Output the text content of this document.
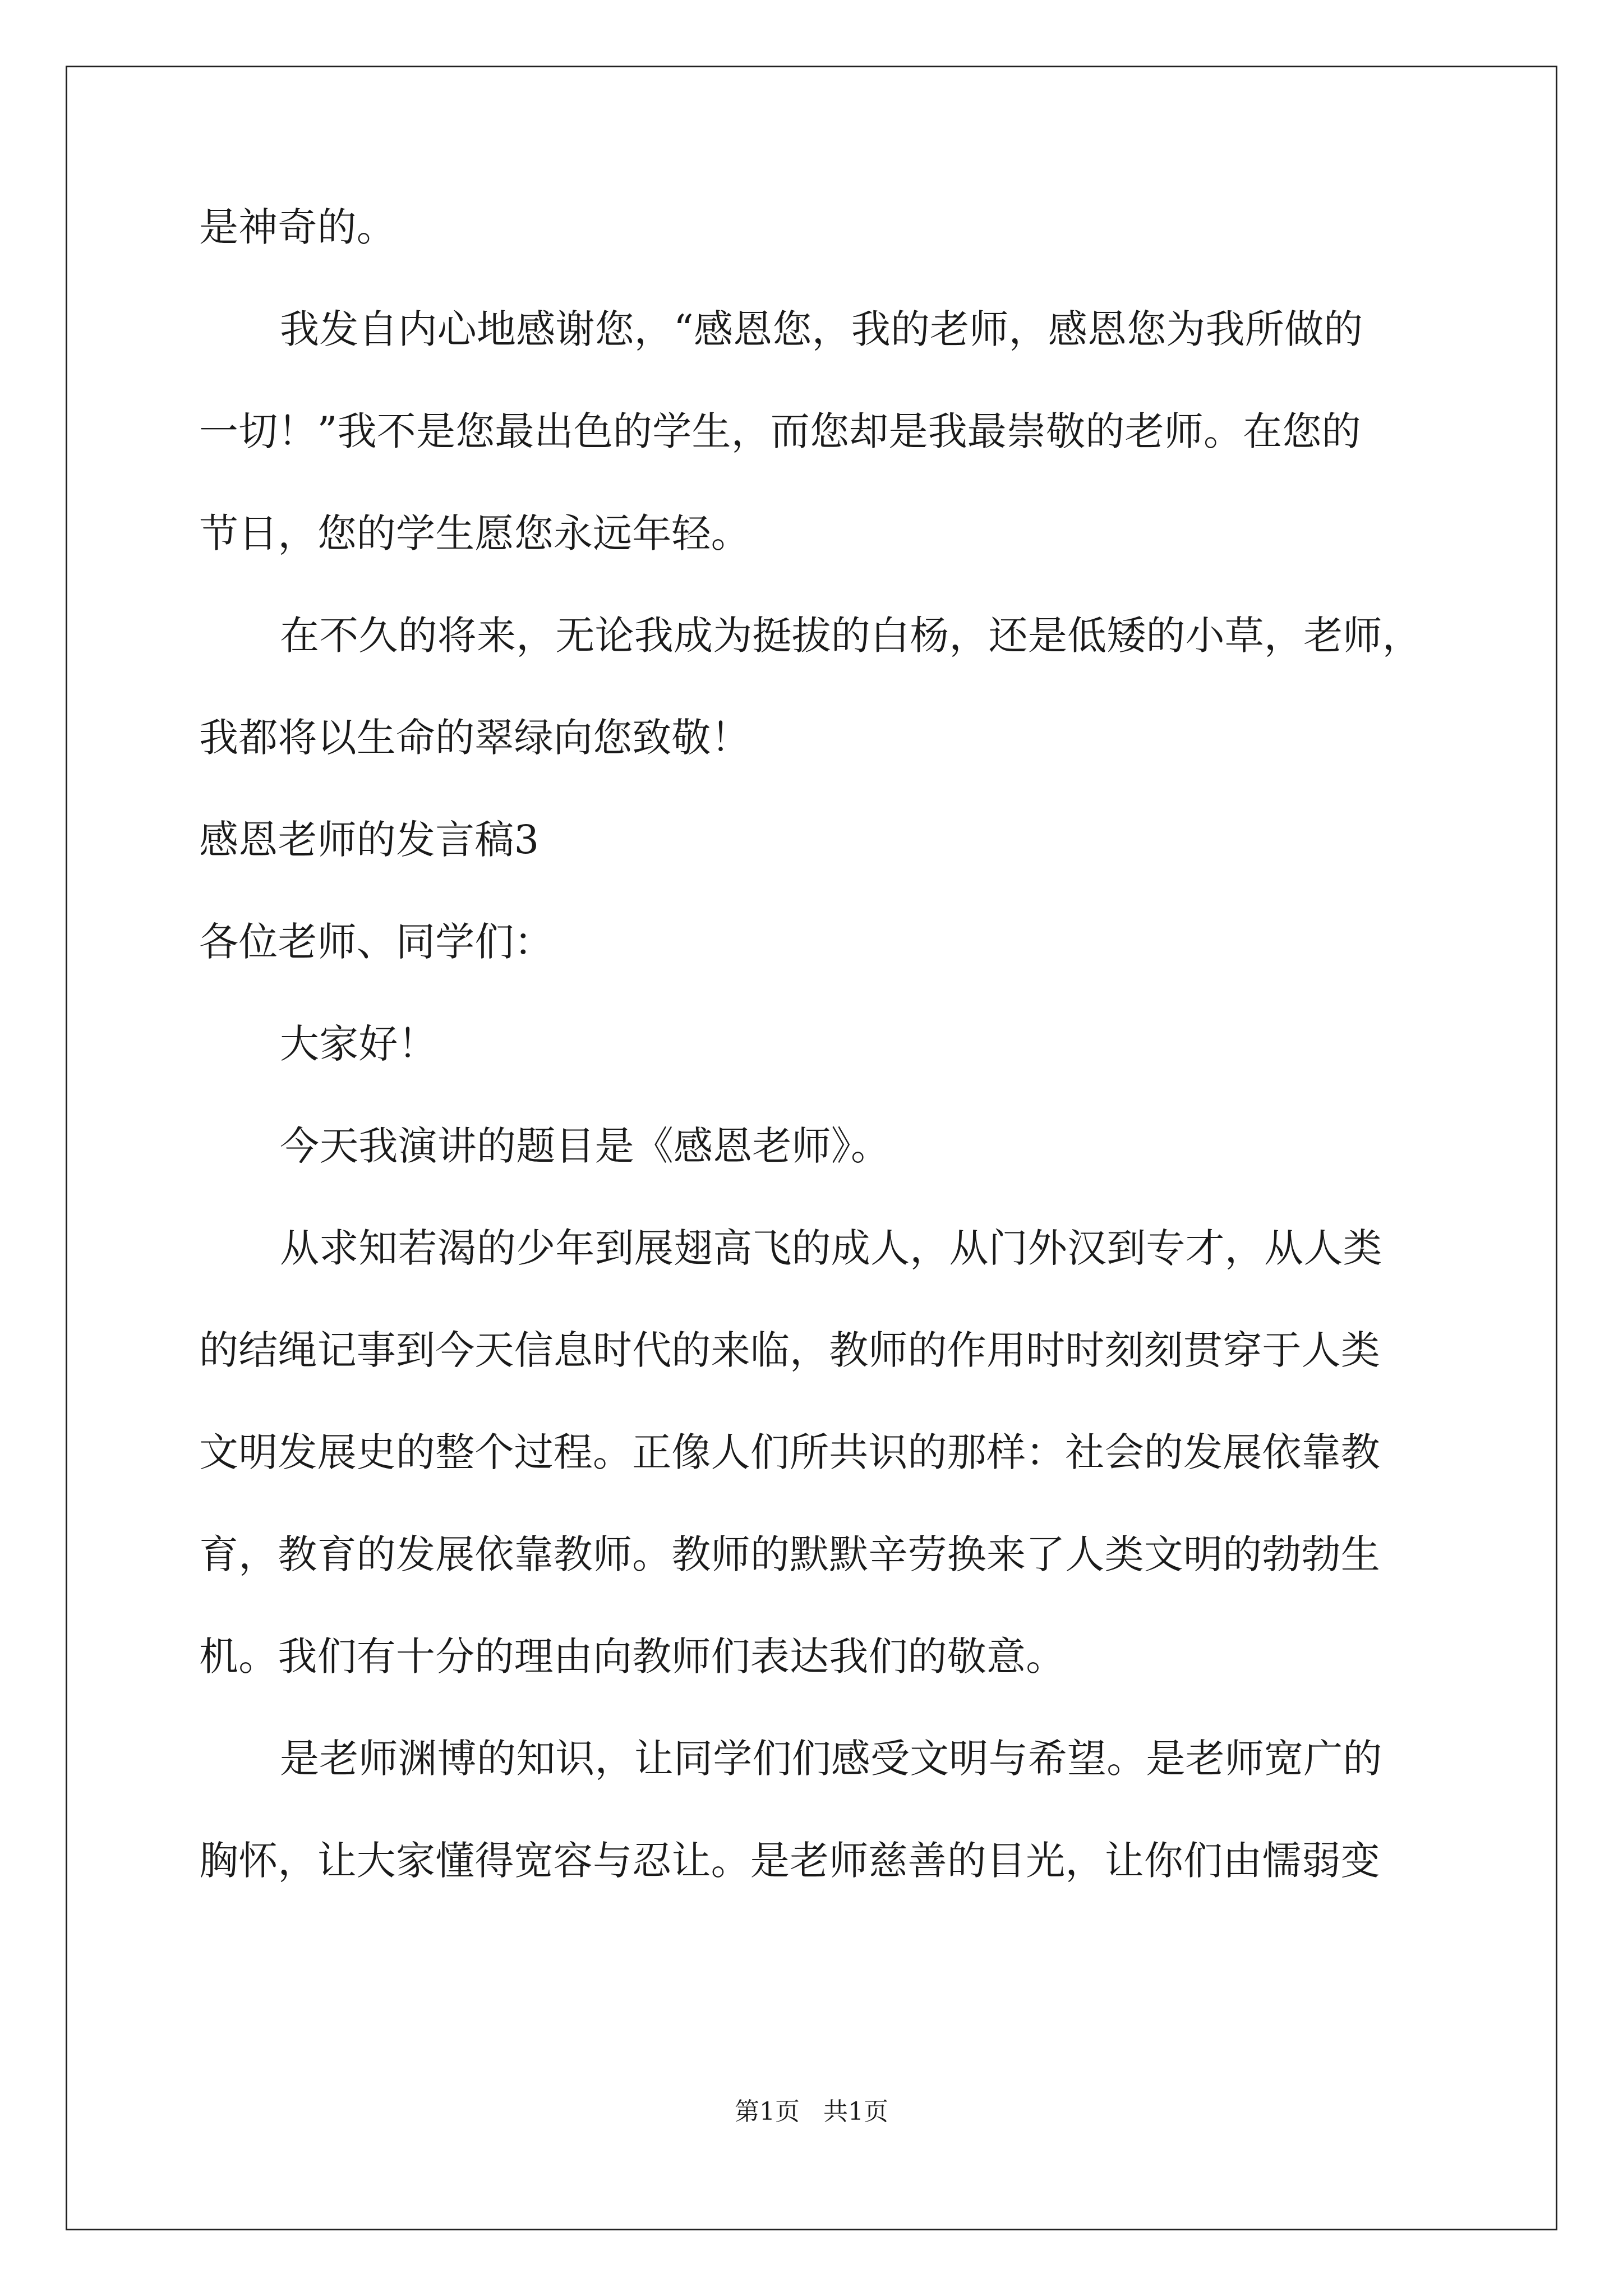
是神奇的。
我发自内心地感谢您，“感恩您，我的老师，感恩您为我所做的
一切！”我不是您最出色的学生，而您却是我最崇敬的老师。在您的
节日，您的学生愿您永远年轻。
在不久的将来，无论我成为挺拔的白杨，还是低矮的小草，老师，
我都将以生命的翠绿向您致敬！
感恩老师的发言稿3
各位老师、同学们：
大家好！
今天我演讲的题目是《感恩老师》。
从求知若渴的少年到展翅高飞的成人，从门外汉到专才，从人类
的结绳记事到今天信息时代的来临，教师的作用时时刻刻贯穿于人类
文明发展史的整个过程。正像人们所共识的那样：社会的发展依靠教
育，教育的发展依靠教师。教师的默默辛劳换来了人类文明的勃勃生
机。我们有十分的理由向教师们表达我们的敬意。
是老师渊博的知识，让同学们们感受文明与希望。是老师宽广的
胸怀，让大家懂得宽容与忍让。是老师慈善的目光，让你们由懦弱变
第1页   共1页
